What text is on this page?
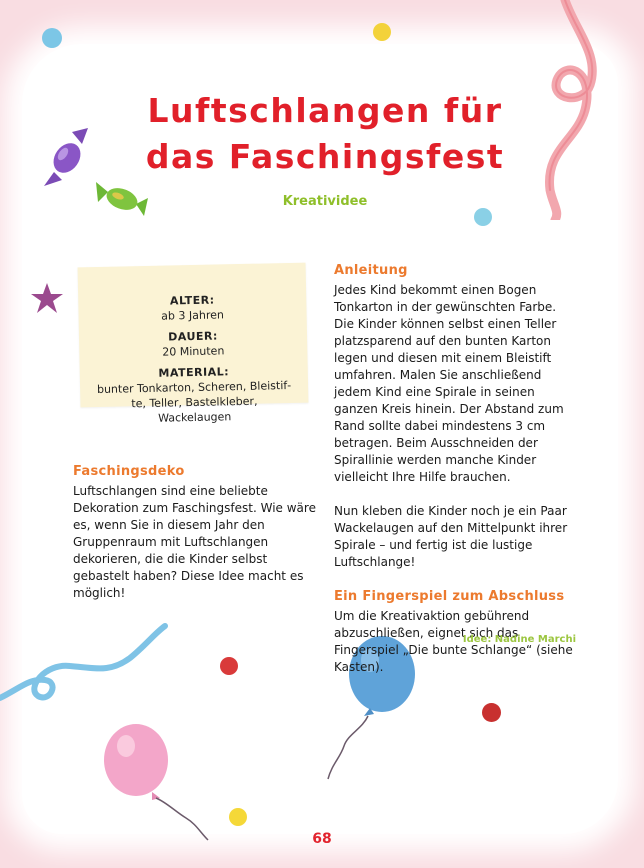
Luftschlangen für
das Faschingsfest
Kreatividee
ALTER:
ab 3 Jahren
DAUER:
20 Minuten
MATERIAL:
bunter Tonkarton, Scheren, Bleistifte, Teller, Bastelkleber, Wackelaugen
Faschingsdeko

Luftschlangen sind eine beliebte Dekoration zum Faschingsfest. Wie wäre es, wenn Sie in diesem Jahr den Gruppenraum mit Luftschlangen dekorieren, die die Kinder selbst gebastelt haben? Diese Idee macht es möglich!

Anleitung

Jedes Kind bekommt einen Bogen Tonkarton in der gewünschten Farbe. Die Kinder können selbst einen Teller platzsparend auf den bunten Karton legen und diesen mit einem Bleistift umfahren. Malen Sie anschließend jedem Kind eine Spirale in seinen ganzen Kreis hinein. Der Abstand zum Rand sollte dabei mindestens 3 cm betragen. Beim Ausschneiden der Spirallinie werden manche Kinder vielleicht Ihre Hilfe brauchen.

Nun kleben die Kinder noch je ein Paar Wackelaugen auf den Mittelpunkt ihrer Spirale – und fertig ist die lustige Luftschlange!

Ein Fingerspiel zum Abschluss

Um die Kreativaktion gebührend abzuschließen, eignet sich das Fingerspiel „Die bunte Schlange“ (siehe Kasten).

Idee: Nadine Marchi
68
